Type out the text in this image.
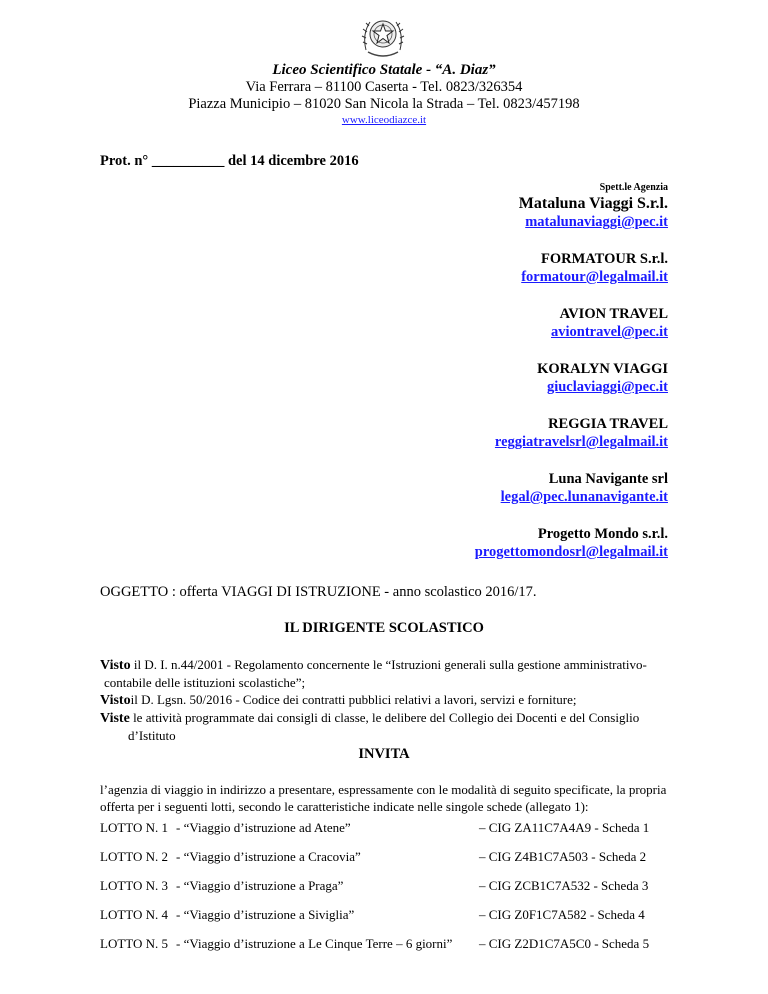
Liceo Scientifico Statale - “A. Diaz”
Via Ferrara – 81100 Caserta - Tel. 0823/326354
Piazza Municipio – 81020 San Nicola la Strada – Tel. 0823/457198
www.liceodiazce.it
Prot. n° __________ del 14 dicembre 2016
Spett.le Agenzia
Mataluna Viaggi S.r.l.
matalunaviaggi@pec.it
FORMATOUR S.r.l.
formatour@legalmail.it
AVION TRAVEL
aviontravel@pec.it
KORALYN VIAGGI
giuclaviaggi@pec.it
REGGIA TRAVEL
reggiatravelsrl@legalmail.it
Luna Navigante srl
legal@pec.lunanavigante.it
Progetto Mondo s.r.l.
progettomondosrl@legalmail.it
OGGETTO : offerta VIAGGI DI ISTRUZIONE - anno scolastico 2016/17.
IL DIRIGENTE SCOLASTICO
Visto il D. I. n.44/2001 - Regolamento concernente le “Istruzioni generali sulla gestione amministrativo-
contabile delle istituzioni scolastiche”;
Vistoil D. Lgsn. 50/2016 - Codice dei contratti pubblici relativi a lavori, servizi e forniture;
Viste le attività programmate dai consigli di classe, le delibere del Collegio dei Docenti e del Consiglio
d’Istituto
INVITA
l’agenzia di viaggio in indirizzo a presentare, espressamente con le modalità di seguito specificate, la propria offerta per i seguenti lotti, secondo le caratteristiche indicate nelle singole schede (allegato 1):
LOTTO N. 1 - “Viaggio d’istruzione ad Atene”	– CIG ZA11C7A4A9 - Scheda 1
LOTTO N. 2 - “Viaggio d’istruzione a Cracovia”	– CIG Z4B1C7A503 - Scheda 2
LOTTO N. 3 - “Viaggio d’istruzione a Praga”	– CIG ZCB1C7A532 - Scheda 3
LOTTO N. 4 - “Viaggio d’istruzione a Siviglia”	– CIG Z0F1C7A582 - Scheda 4
LOTTO N. 5 - “Viaggio d’istruzione a Le Cinque Terre – 6 giorni” – CIG Z2D1C7A5C0 - Scheda 5
